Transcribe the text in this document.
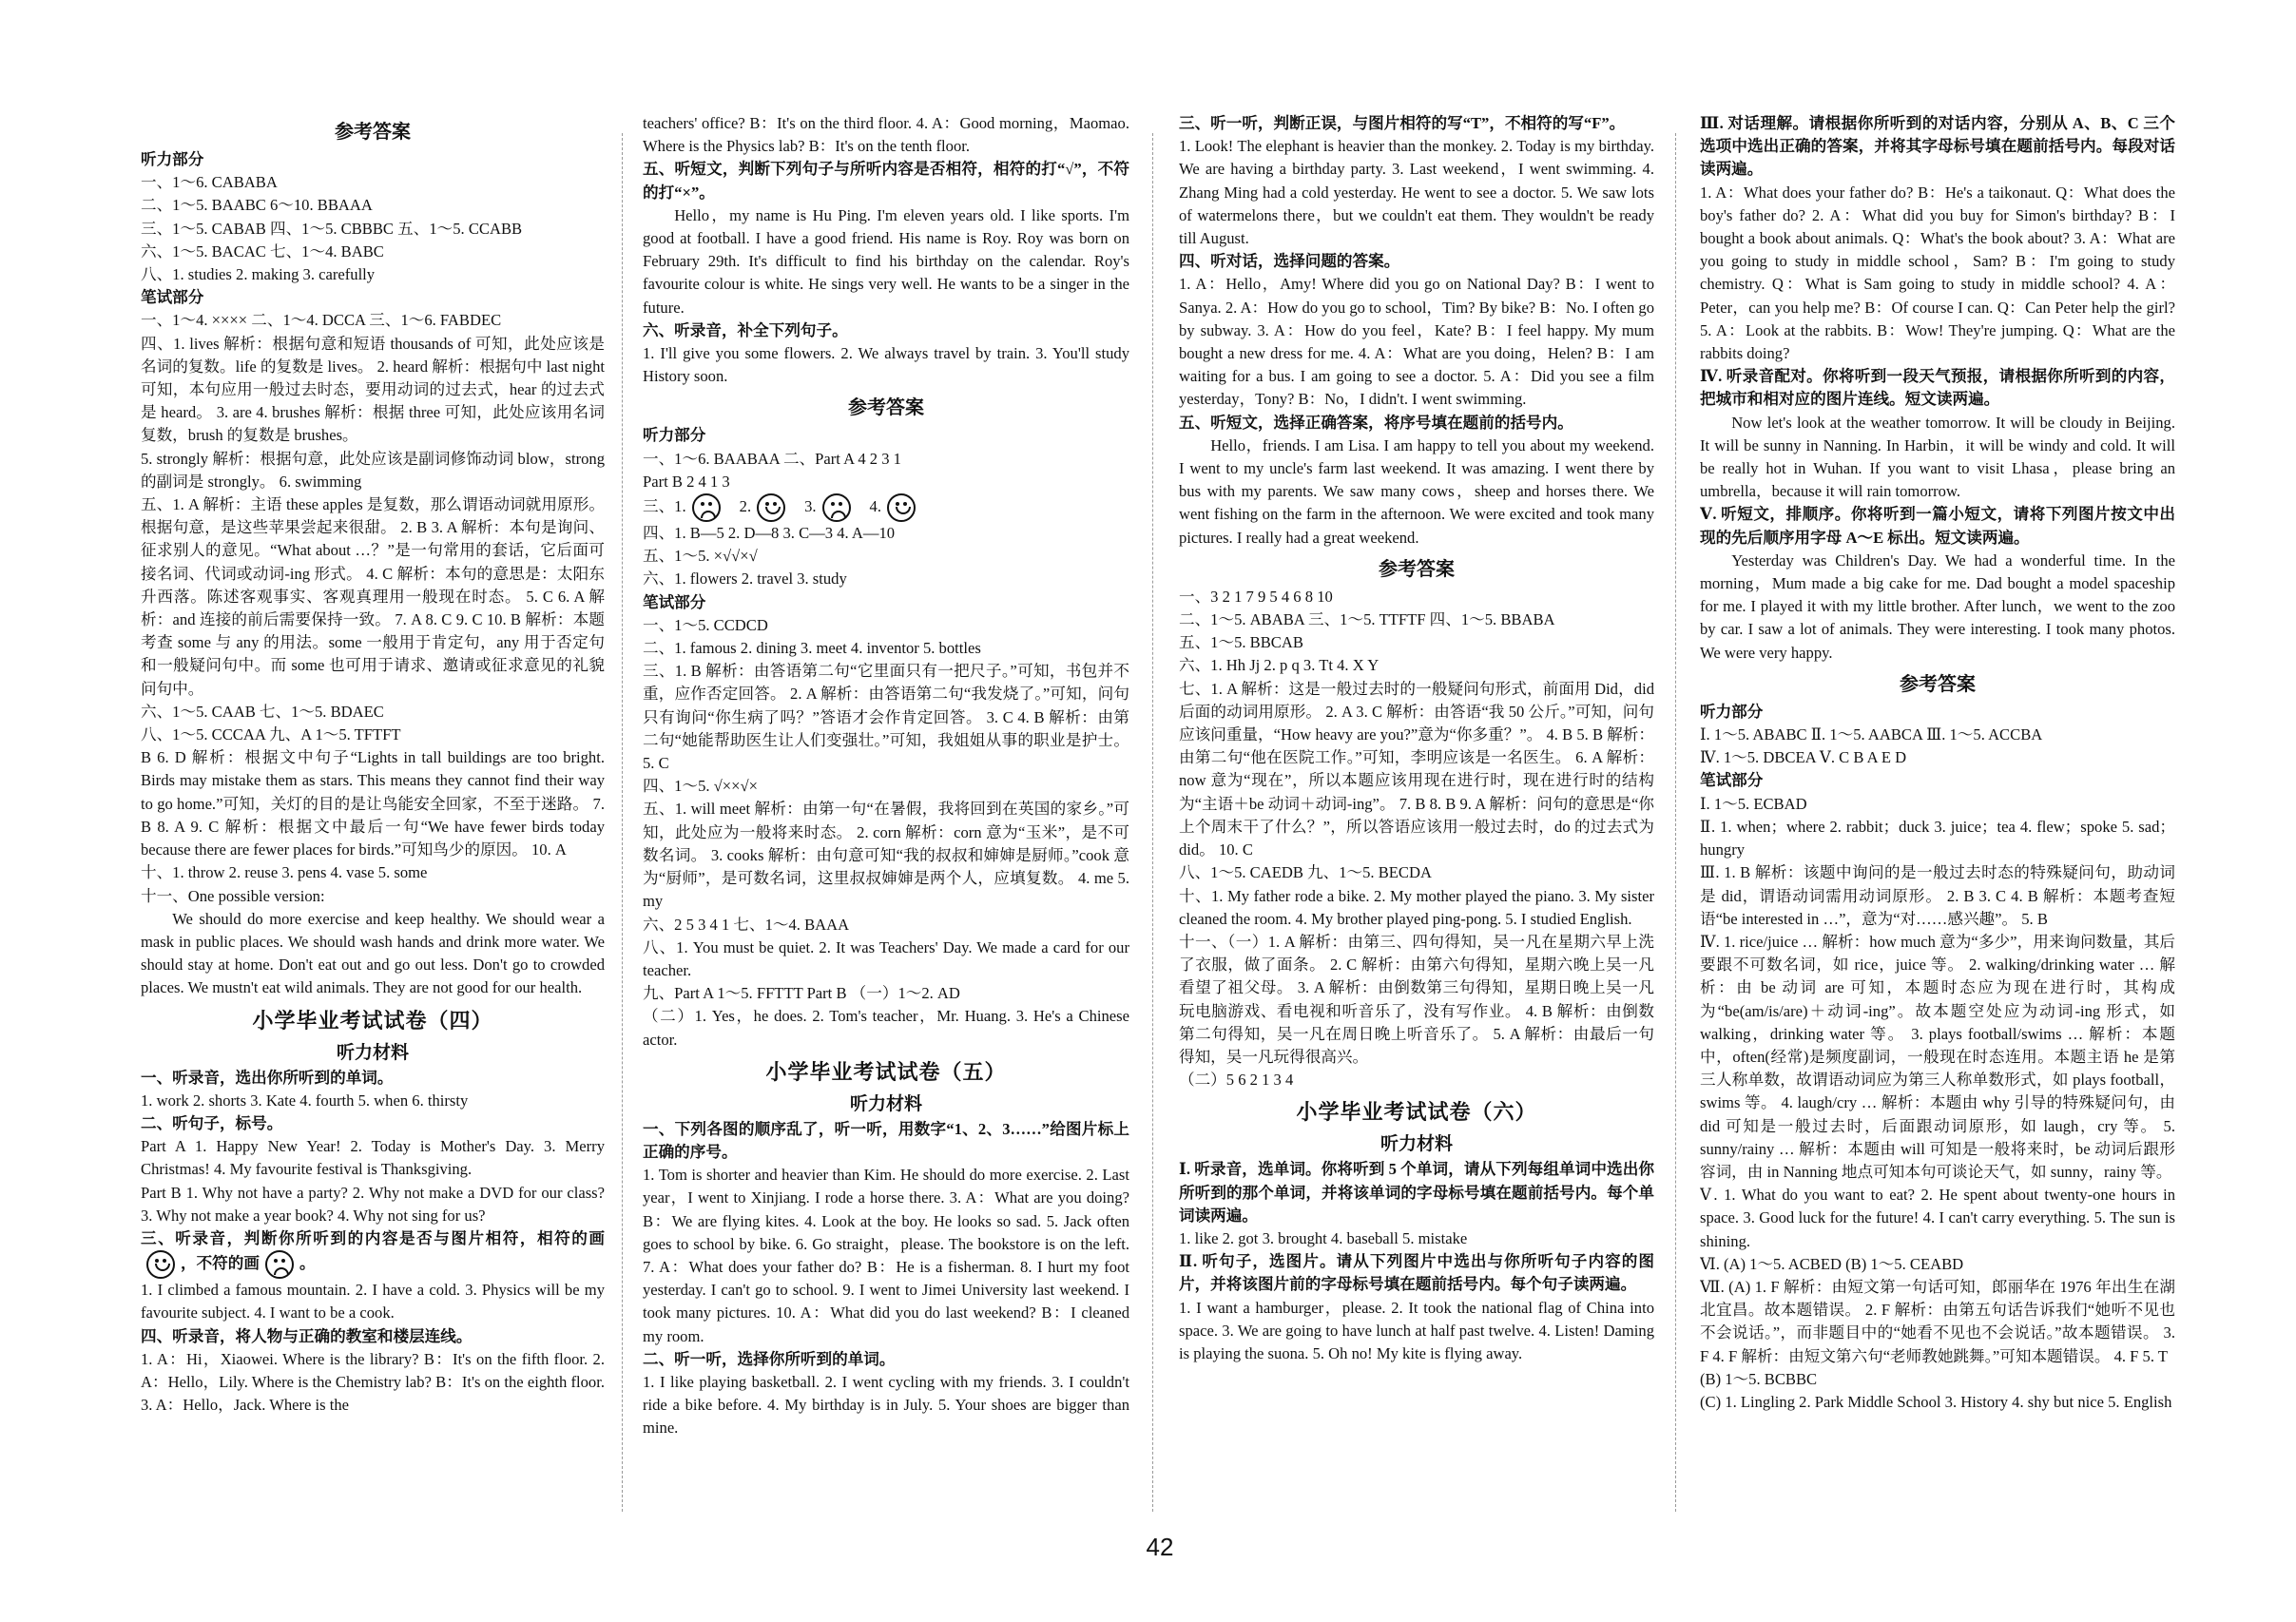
参考答案
听力部分
一、1～6. CABABA
二、1～5. BAABC 6～10. BBAAA
三、1～5. CABAB 四、1～5. CBBBC 五、1～5. CCABB
六、1～5. BACAC 七、1～4. BABC
八、1. studies 2. making 3. carefully
笔试部分
一、1～4. ×××× 二、1～4. DCCA 三、1～6. FABDEC
四、1. lives 解析：根据句意和短语 thousands of 可知，此处应该是名词的复数。life 的复数是 lives。 2. heard 解析：根据句中 last night 可知，本句应用一般过去时态，要用动词的过去式，hear 的过去式是 heard。 3. are 4. brushes 解析：根据 three 可知，此处应该用名词复数，brush 的复数是 brushes。
5. strongly 解析：根据句意，此处应该是副词修饰动词 blow，strong 的副词是 strongly。 6. swimming
五、1. A 解析：主语 these apples 是复数，那么谓语动词就用原形。根据句意，是这些苹果尝起来很甜。 2. B 3. A 解析：本句是询问、征求别人的意见。“What about …？”是一句常用的套话，它后面可接名词、代词或动词-ing 形式。 4. C 解析：本句的意思是：太阳东升西落。陈述客观事实、客观真理用一般现在时态。 5. C 6. A 解析：and 连接的前后需要保持一致。 7. A 8. C 9. C 10. B 解析：本题考查 some 与 any 的用法。some 一般用于肯定句，any 用于否定句和一般疑问句中。而 some 也可用于请求、邀请或征求意见的礼貌问句中。
六、1～5. CAAB 七、1～5. BDAEC
八、1～5. CCCAA 九、A 1～5. TFTFT
B 6. D 解析：根据文中句子“Lights in tall buildings are too bright. Birds may mistake them as stars. This means they cannot find their way to go home.”可知，关灯的目的是让鸟能安全回家，不至于迷路。 7. B 8. A 9. C 解析：根据文中最后一句“We have fewer birds today because there are fewer places for birds.”可知鸟少的原因。 10. A
十、1. throw 2. reuse 3. pens 4. vase 5. some
十一、One possible version:
We should do more exercise and keep healthy. We should wear a mask in public places. We should wash hands and drink more water. We should stay at home. Don't eat out and go out less. Don't go to crowded places. We mustn't eat wild animals. They are not good for our health.
小学毕业考试试卷（四）
听力材料
一、听录音，选出你所听到的单词。
1. work 2. shorts 3. Kate 4. fourth 5. when 6. thirsty
二、听句子，标号。
Part A 1. Happy New Year! 2. Today is Mother's Day. 3. Merry Christmas! 4. My favourite festival is Thanksgiving.
Part B 1. Why not have a party? 2. Why not make a DVD for our class? 3. Why not make a year book? 4. Why not sing for us?
三、听录音，判断你所听到的内容是否与图片相符，相符的画
，不符的画	。
1. I climbed a famous mountain. 2. I have a cold. 3. Physics will be my favourite subject. 4. I want to be a cook.
四、听录音，将人物与正确的教室和楼层连线。
1. A：Hi，Xiaowei. Where is the library? B：It's on the fifth floor. 2. A：Hello，Lily. Where is the Chemistry lab? B：It's on the eighth floor. 3. A：Hello，Jack. Where is the
teachers' office? B：It's on the third floor. 4. A：Good morning，Maomao. Where is the Physics lab? B：It's on the tenth floor.
五、听短文，判断下列句子与所听内容是否相符，相符的打“√”，不符的打“×”。
Hello，my name is Hu Ping. I'm eleven years old. I like sports. I'm good at football. I have a good friend. His name is Roy. Roy was born on February 29th. It's difficult to find his birthday on the calendar. Roy's favourite colour is white. He sings very well. He wants to be a singer in the future.
六、听录音，补全下列句子。
1. I'll give you some flowers. 2. We always travel by train. 3. You'll study History soon.
参考答案
听力部分
一、1～6. BAABAA 二、Part A 4 2 3 1
Part B 2 4 1 3
三、1.	2.	3.	4.
四、1. B—5 2. D—8 3. C—3 4. A—10
五、1～5. ×√√×√
六、1. flowers 2. travel 3. study
笔试部分
一、1～5. CCDCD
二、1. famous 2. dining 3. meet 4. inventor 5. bottles
三、1. B 解析：由答语第二句“它里面只有一把尺子。”可知，书包并不重，应作否定回答。 2. A 解析：由答语第二句“我发烧了。”可知，问句只有询问“你生病了吗？”答语才会作肯定回答。 3. C 4. B 解析：由第二句“她能帮助医生让人们变强壮。”可知，我姐姐从事的职业是护士。 5. C
四、1～5. √××√×
五、1. will meet 解析：由第一句“在暑假，我将回到在英国的家乡。”可知，此处应为一般将来时态。 2. corn 解析：corn 意为“玉米”，是不可数名词。 3. cooks 解析：由句意可知“我的叔叔和婶婶是厨师。”cook 意为“厨师”，是可数名词，这里叔叔婶婶是两个人，应填复数。 4. me 5. my
六、2 5 3 4 1 七、1～4. BAAA
八、1. You must be quiet. 2. It was Teachers' Day. We made a card for our teacher.
九、Part A 1～5. FFTTT Part B （一）1～2. AD
（二）1. Yes，he does. 2. Tom's teacher，Mr. Huang. 3. He's a Chinese actor.
小学毕业考试试卷（五）
听力材料
一、下列各图的顺序乱了，听一听，用数字“1、2、3……”给图片标上正确的序号。
1. Tom is shorter and heavier than Kim. He should do more exercise. 2. Last year，I went to Xinjiang. I rode a horse there. 3. A：What are you doing? B：We are flying kites. 4. Look at the boy. He looks so sad. 5. Jack often goes to school by bike. 6. Go straight，please. The bookstore is on the left. 7. A：What does your father do? B：He is a fisherman. 8. I hurt my foot yesterday. I can't go to school. 9. I went to Jimei University last weekend. I took many pictures. 10. A：What did you do last weekend? B：I cleaned my room.
二、听一听，选择你所听到的单词。
1. I like playing basketball. 2. I went cycling with my friends. 3. I couldn't ride a bike before. 4. My birthday is in July. 5. Your shoes are bigger than mine.
三、听一听，判断正误，与图片相符的写“T”，不相符的写“F”。
1. Look! The elephant is heavier than the monkey. 2. Today is my birthday. We are having a birthday party. 3. Last weekend，I went swimming. 4. Zhang Ming had a cold yesterday. He went to see a doctor. 5. We saw lots of watermelons there，but we couldn't eat them. They wouldn't be ready till August.
四、听对话，选择问题的答案。
1. A：Hello，Amy! Where did you go on National Day? B：I went to Sanya. 2. A：How do you go to school，Tim? By bike? B：No. I often go by subway. 3. A：How do you feel，Kate? B：I feel happy. My mum bought a new dress for me. 4. A：What are you doing，Helen? B：I am waiting for a bus. I am going to see a doctor. 5. A：Did you see a film yesterday，Tony? B：No，I didn't. I went swimming.
五、听短文，选择正确答案，将序号填在题前的括号内。
Hello，friends. I am Lisa. I am happy to tell you about my weekend. I went to my uncle's farm last weekend. It was amazing. I went there by bus with my parents. We saw many cows，sheep and horses there. We went fishing on the farm in the afternoon. We were excited and took many pictures. I really had a great weekend.
参考答案
一、3 2 1 7 9 5 4 6 8 10
二、1～5. ABABA 三、1～5. TTFTF 四、1～5. BBABA
五、1～5. BBCAB
六、1. Hh Jj 2. p q 3. Tt 4. X Y
七、1. A 解析：这是一般过去时的一般疑问句形式，前面用 Did，did 后面的动词用原形。 2. A 3. C 解析：由答语“我 50 公斤。”可知，问句应该问重量，“How heavy are you?”意为“你多重？”。 4. B 5. B 解析：由第二句“他在医院工作。”可知，李明应该是一名医生。 6. A 解析：now 意为“现在”，所以本题应该用现在进行时，现在进行时的结构为“主语＋be 动词＋动词-ing”。 7. B 8. B 9. A 解析：问句的意思是“你上个周末干了什么？”，所以答语应该用一般过去时，do 的过去式为 did。 10. C
八、1～5. CAEDB 九、1～5. BECDA
十、1. My father rode a bike. 2. My mother played the piano. 3. My sister cleaned the room. 4. My brother played ping-pong. 5. I studied English.
十一、（一）1. A 解析：由第三、四句得知，吴一凡在星期六早上洗了衣服，做了面条。 2. C 解析：由第六句得知，星期六晚上吴一凡看望了祖父母。 3. A 解析：由倒数第三句得知，星期日晚上吴一凡玩电脑游戏、看电视和听音乐了，没有写作业。 4. B 解析：由倒数第二句得知，吴一凡在周日晚上听音乐了。 5. A 解析：由最后一句得知，吴一凡玩得很高兴。
（二）5 6 2 1 3 4
小学毕业考试试卷（六）
听力材料
Ⅰ. 听录音，选单词。你将听到 5 个单词，请从下列每组单词中选出你所听到的那个单词，并将该单词的字母标号填在题前括号内。每个单词读两遍。
1. like 2. got 3. brought 4. baseball 5. mistake
Ⅱ. 听句子，选图片。请从下列图片中选出与你所听句子内容的图片，并将该图片前的字母标号填在题前括号内。每个句子读两遍。
1. I want a hamburger，please. 2. It took the national flag of China into space. 3. We are going to have lunch at half past twelve. 4. Listen! Daming is playing the suona. 5. Oh no! My kite is flying away.
Ⅲ. 对话理解。请根据你所听到的对话内容，分别从 A、B、C 三个选项中选出正确的答案，并将其字母标号填在题前括号内。每段对话读两遍。
1. A：What does your father do? B：He's a taikonaut. Q：What does the boy's father do? 2. A：What did you buy for Simon's birthday? B：I bought a book about animals. Q：What's the book about? 3. A：What are you going to study in middle school，Sam? B：I'm going to study chemistry. Q：What is Sam going to study in middle school? 4. A：Peter，can you help me? B：Of course I can. Q：Can Peter help the girl? 5. A：Look at the rabbits. B：Wow! They're jumping. Q：What are the rabbits doing?
Ⅳ. 听录音配对。你将听到一段天气预报，请根据你所听到的内容，把城市和相对应的图片连线。短文读两遍。
Now let's look at the weather tomorrow. It will be cloudy in Beijing. It will be sunny in Nanning. In Harbin，it will be windy and cold. It will be really hot in Wuhan. If you want to visit Lhasa，please bring an umbrella，because it will rain tomorrow.
Ⅴ. 听短文，排顺序。你将听到一篇小短文，请将下列图片按文中出现的先后顺序用字母 A～E 标出。短文读两遍。
Yesterday was Children's Day. We had a wonderful time. In the morning，Mum made a big cake for me. Dad bought a model spaceship for me. I played it with my little brother. After lunch，we went to the zoo by car. I saw a lot of animals. They were interesting. I took many photos. We were very happy.
参考答案
听力部分
Ⅰ. 1～5. ABABC Ⅱ. 1～5. AABCA Ⅲ. 1～5. ACCBA
Ⅳ. 1～5. DBCEA Ⅴ. C B A E D
笔试部分
Ⅰ. 1～5. ECBAD
Ⅱ. 1. when；where 2. rabbit；duck 3. juice；tea 4. flew；spoke 5. sad；hungry
Ⅲ. 1. B 解析：该题中询问的是一般过去时态的特殊疑问句，助动词是 did，谓语动词需用动词原形。 2. B 3. C 4. B 解析：本题考查短语“be interested in …”，意为“对……感兴趣”。 5. B
Ⅳ. 1. rice/juice … 解析：how much 意为“多少”，用来询问数量，其后要跟不可数名词，如 rice，juice 等。 2. walking/drinking water … 解析：由 be 动词 are 可知，本题时态应为现在进行时，其构成为“be(am/is/are)＋动词-ing”。故本题空处应为动词-ing 形式，如 walking，drinking water 等。 3. plays football/swims … 解析：本题中，often(经常)是频度副词，一般现在时态连用。本题主语 he 是第三人称单数，故谓语动词应为第三人称单数形式，如 plays football，swims 等。 4. laugh/cry … 解析：本题由 why 引导的特殊疑问句，由 did 可知是一般过去时，后面跟动词原形，如 laugh，cry 等。 5. sunny/rainy … 解析：本题由 will 可知是一般将来时，be 动词后跟形容词，由 in Nanning 地点可知本句可谈论天气，如 sunny，rainy 等。
Ⅴ. 1. What do you want to eat? 2. He spent about twenty-one hours in space. 3. Good luck for the future! 4. I can't carry everything. 5. The sun is shining.
Ⅵ. (A) 1～5. ACBED (B) 1～5. CEABD
Ⅶ. (A) 1. F 解析：由短文第一句话可知，郎丽华在 1976 年出生在湖北宜昌。故本题错误。 2. F 解析：由第五句话告诉我们“她听不见也不会说话。”，而非题目中的“她看不见也不会说话。”故本题错误。 3. F 4. F 解析：由短文第六句“老师教她跳舞。”可知本题错误。 4. F 5. T
(B) 1～5. BCBBC
(C) 1. Lingling 2. Park Middle School 3. History 4. shy but nice 5. English
42
